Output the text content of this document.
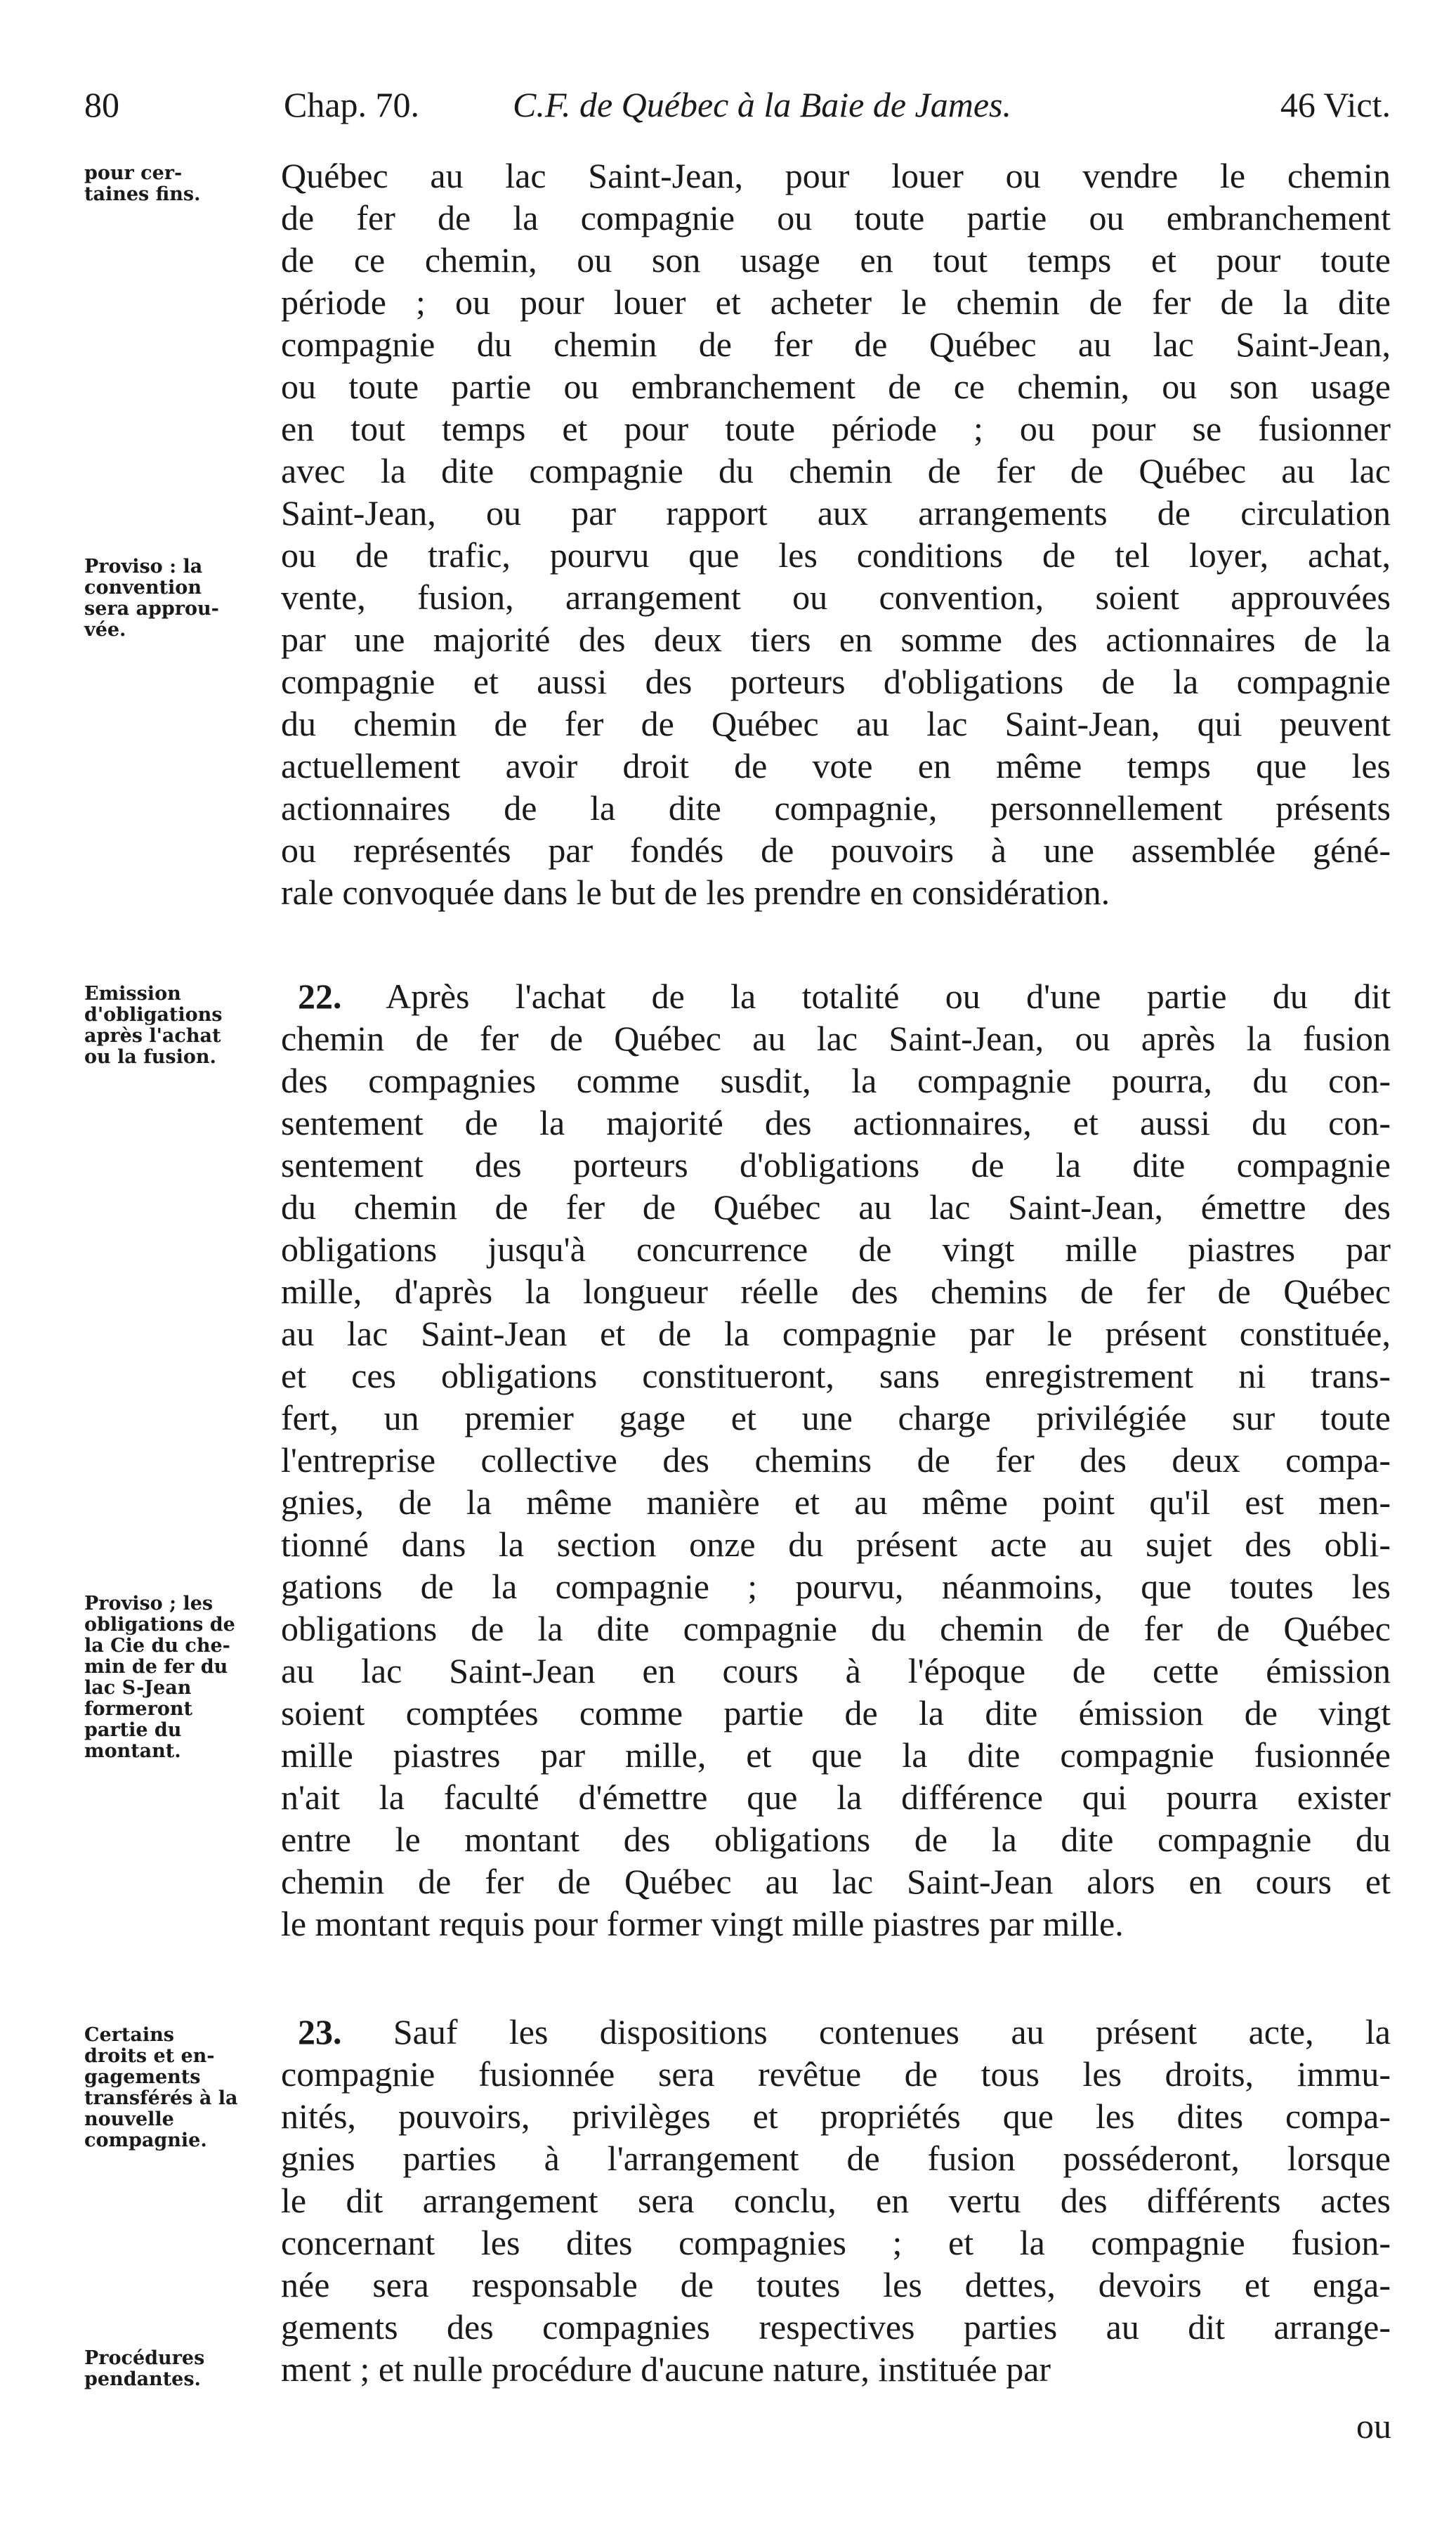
80	Chap. 70.	C.F. de Québec à la Baie de James.	46 Vict.
pour cer-
taines fins.
Proviso : la
convention
sera approu-
vée.
Emission
d'obligations
après l'achat
ou la fusion.
Proviso ; les
obligations de
la Cie du che-
min de fer du
lac S-Jean
formeront
partie du
montant.
Certains
droits et en-
gagements
transférés à la
nouvelle
compagnie.
Procédures
pendantes.
Québec au lac Saint-Jean, pour louer ou vendre le chemin
de fer de la compagnie ou toute partie ou embranchement
de ce chemin, ou son usage en tout temps et pour toute
période ; ou pour louer et acheter le chemin de fer de la dite
compagnie du chemin de fer de Québec au lac Saint-Jean,
ou toute partie ou embranchement de ce chemin, ou son usage
en tout temps et pour toute période ; ou pour se fusionner
avec la dite compagnie du chemin de fer de Québec au lac
Saint-Jean, ou par rapport aux arrangements de circulation
ou de trafic, pourvu que les conditions de tel loyer, achat,
vente, fusion, arrangement ou convention, soient approuvées
par une majorité des deux tiers en somme des actionnaires de la
compagnie et aussi des porteurs d'obligations de la compagnie
du chemin de fer de Québec au lac Saint-Jean, qui peuvent
actuellement avoir droit de vote en même temps que les
actionnaires de la dite compagnie, personnellement présents
ou représentés par fondés de pouvoirs à une assemblée géné-
rale convoquée dans le but de les prendre en considération.
22. Après l'achat de la totalité ou d'une partie du dit
chemin de fer de Québec au lac Saint-Jean, ou après la fusion
des compagnies comme susdit, la compagnie pourra, du con-
sentement de la majorité des actionnaires, et aussi du con-
sentement des porteurs d'obligations de la dite compagnie
du chemin de fer de Québec au lac Saint-Jean, émettre des
obligations jusqu'à concurrence de vingt mille piastres par
mille, d'après la longueur réelle des chemins de fer de Québec
au lac Saint-Jean et de la compagnie par le présent constituée,
et ces obligations constitueront, sans enregistrement ni trans-
fert, un premier gage et une charge privilégiée sur toute
l'entreprise collective des chemins de fer des deux compa-
gnies, de la même manière et au même point qu'il est men-
tionné dans la section onze du présent acte au sujet des obli-
gations de la compagnie ; pourvu, néanmoins, que toutes les
obligations de la dite compagnie du chemin de fer de Québec
au lac Saint-Jean en cours à l'époque de cette émission
soient comptées comme partie de la dite émission de vingt
mille piastres par mille, et que la dite compagnie fusionnée
n'ait la faculté d'émettre que la différence qui pourra exister
entre le montant des obligations de la dite compagnie du
chemin de fer de Québec au lac Saint-Jean alors en cours et
le montant requis pour former vingt mille piastres par mille.
23. Sauf les dispositions contenues au présent acte, la
compagnie fusionnée sera revêtue de tous les droits, immu-
nités, pouvoirs, privilèges et propriétés que les dites compa-
gnies parties à l'arrangement de fusion posséderont, lorsque
le dit arrangement sera conclu, en vertu des différents actes
concernant les dites compagnies ; et la compagnie fusion-
née sera responsable de toutes les dettes, devoirs et enga-
gements des compagnies respectives parties au dit arrange-
ment ; et nulle procédure d'aucune nature, instituée par
ou
